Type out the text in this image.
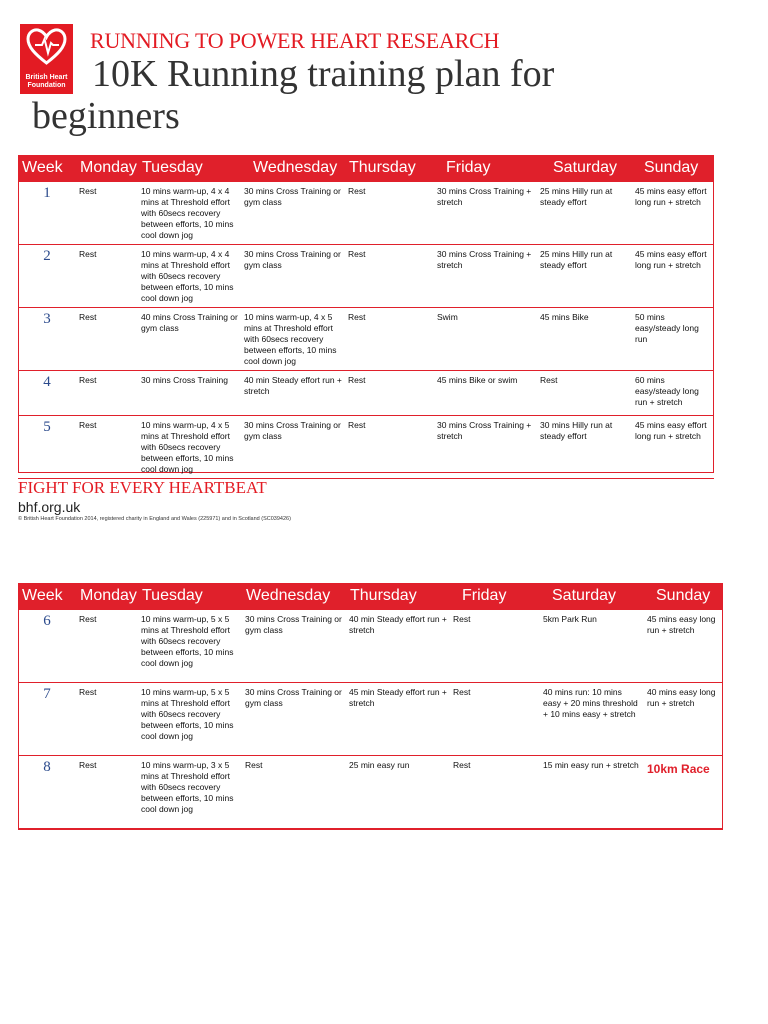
British Heart Foundation
RUNNING TO POWER HEART RESEARCH
10K Running training plan for
beginners
Week	Monday	Tuesday	Wednesday	Thursday	Friday	Saturday	Sunday
1	Rest	10 mins warm-up, 4 x 4 mins at Threshold effort with 60secs recovery between efforts, 10 mins cool down jog	30 mins Cross Training or gym class	Rest	30 mins Cross Training + stretch	25 mins Hilly run at steady effort	45 mins easy effort long run + stretch
2	Rest	10 mins warm-up, 4 x 4 mins at Threshold effort with 60secs recovery between efforts, 10 mins cool down jog	30 mins Cross Training or gym class	Rest	30 mins Cross Training + stretch	25 mins Hilly run at steady effort	45 mins easy effort long run + stretch
3	Rest	40 mins Cross Training or gym class	10 mins warm-up, 4 x 5 mins at Threshold effort with 60secs recovery between efforts, 10 mins cool down jog	Rest	Swim	45 mins Bike	50 mins easy/steady long run
4	Rest	30 mins Cross Training	40 min Steady effort run + stretch	Rest	45 mins Bike or swim	Rest	60 mins easy/steady long run + stretch
5	Rest	10 mins warm-up, 4 x 5 mins at Threshold effort with 60secs recovery between efforts, 10 mins cool down jog	30 mins Cross Training or gym class	Rest	30 mins Cross Training + stretch	30 mins Hilly run at steady effort	45 mins easy effort long run + stretch
FIGHT FOR EVERY HEARTBEAT
bhf.org.uk
© British Heart Foundation 2014, registered charity in England and Wales (225971) and in Scotland (SC039426)
Week	Monday	Tuesday	Wednesday	Thursday	Friday	Saturday	Sunday
6	Rest	10 mins warm-up, 5 x 5 mins at Threshold effort with 60secs recovery between efforts, 10 mins cool down jog	30 mins Cross Training or gym class	40 min Steady effort run + stretch	Rest	5km Park Run	45 mins easy long run + stretch
7	Rest	10 mins warm-up, 5 x 5 mins at Threshold effort with 60secs recovery between efforts, 10 mins cool down jog	30 mins Cross Training or gym class	45 min Steady effort run + stretch	Rest	40 mins run: 10 mins easy + 20 mins threshold + 10 mins easy + stretch	40 mins easy long run + stretch
8	Rest	10 mins warm-up, 3 x 5 mins at Threshold effort with 60secs recovery between efforts, 10 mins cool down jog	Rest	25 min easy run	Rest	15 min easy run + stretch	10km Race
